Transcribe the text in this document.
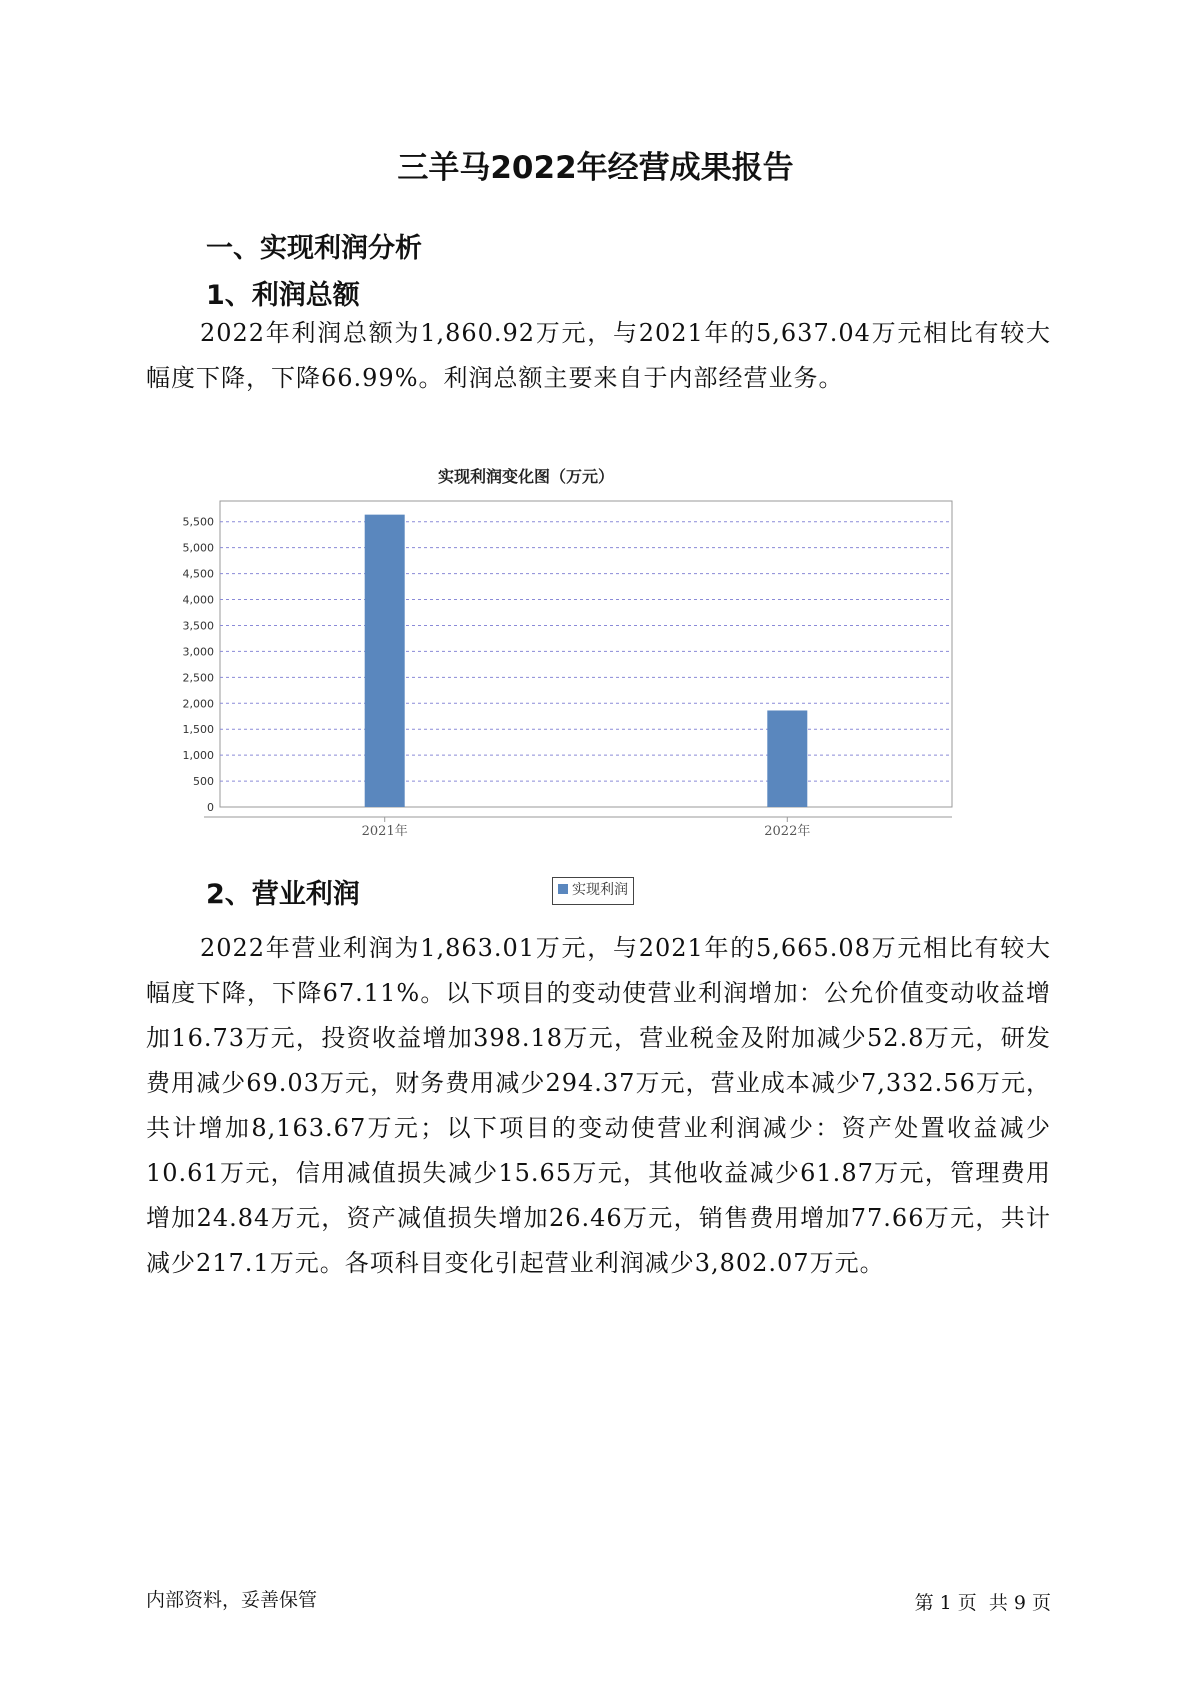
三羊马2022年经营成果报告
一、实现利润分析
1、利润总额
2022年利润总额为1,860.92万元，与2021年的5,637.04万元相比有较大幅度下降，下降66.99%。利润总额主要来自于内部经营业务。
实现利润变化图（万元）
0
500
1,000
1,500
2,000
2,500
3,000
3,500
4,000
4,500
5,000
5,500
2021年	2022年
实现利润
2、营业利润
2022年营业利润为1,863.01万元，与2021年的5,665.08万元相比有较大幅度下降，下降67.11%。以下项目的变动使营业利润增加：公允价值变动收益增加16.73万元，投资收益增加398.18万元，营业税金及附加减少52.8万元，研发费用减少69.03万元，财务费用减少294.37万元，营业成本减少7,332.56万元，共计增加8,163.67万元；以下项目的变动使营业利润减少：资产处置收益减少10.61万元，信用减值损失减少15.65万元，其他收益减少61.87万元，管理费用增加24.84万元，资产减值损失增加26.46万元，销售费用增加77.66万元，共计减少217.1万元。各项科目变化引起营业利润减少3,802.07万元。
内部资料，妥善保管	第 1 页  共 9 页
